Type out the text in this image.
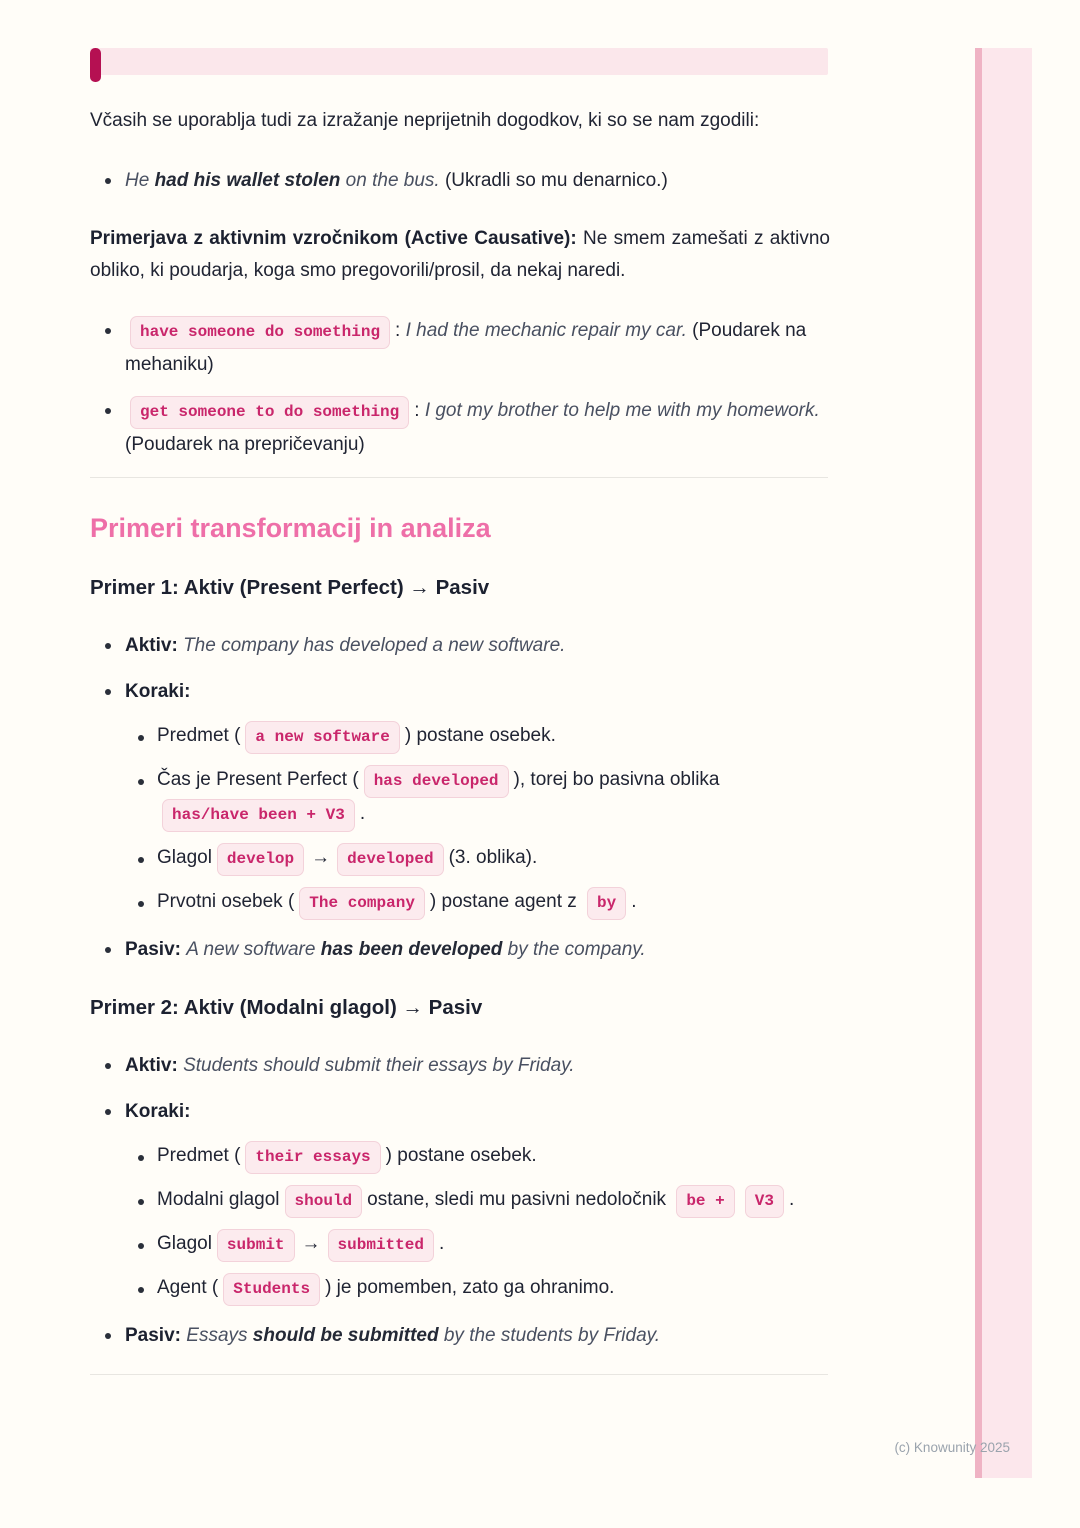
Včasih se uporablja tudi za izražanje neprijetnih dogodkov, ki so se nam zgodili:

He had his wallet stolen on the bus. (Ukradli so mu denarnico.)

Primerjava z aktivnim vzročnikom (Active Causative): Ne smem zamešati z aktivno obliko, ki poudarja, koga smo pregovorili/prosil, da nekaj naredi.

have someone do something : I had the mechanic repair my car. (Poudarek na mehaniku)
get someone to do something : I got my brother to help me with my homework. (Poudarek na prepričevanju)
Primeri transformacij in analiza
Primer 1: Aktiv (Present Perfect) → Pasiv
Aktiv: The company has developed a new software.
Koraki:
Predmet ( a new software ) postane osebek.
Čas je Present Perfect ( has developed ), torej bo pasivna oblika has/have been + V3 .
Glagol develop → developed (3. oblika).
Prvotni osebek ( The company ) postane agent z by .
Pasiv: A new software has been developed by the company.
Primer 2: Aktiv (Modalni glagol) → Pasiv
Aktiv: Students should submit their essays by Friday.
Koraki:
Predmet ( their essays ) postane osebek.
Modalni glagol should ostane, sledi mu pasivni nedoločnik be + V3 .
Glagol submit → submitted .
Agent ( Students ) je pomemben, zato ga ohranimo.
Pasiv: Essays should be submitted by the students by Friday.
(c) Knowunity 2025
